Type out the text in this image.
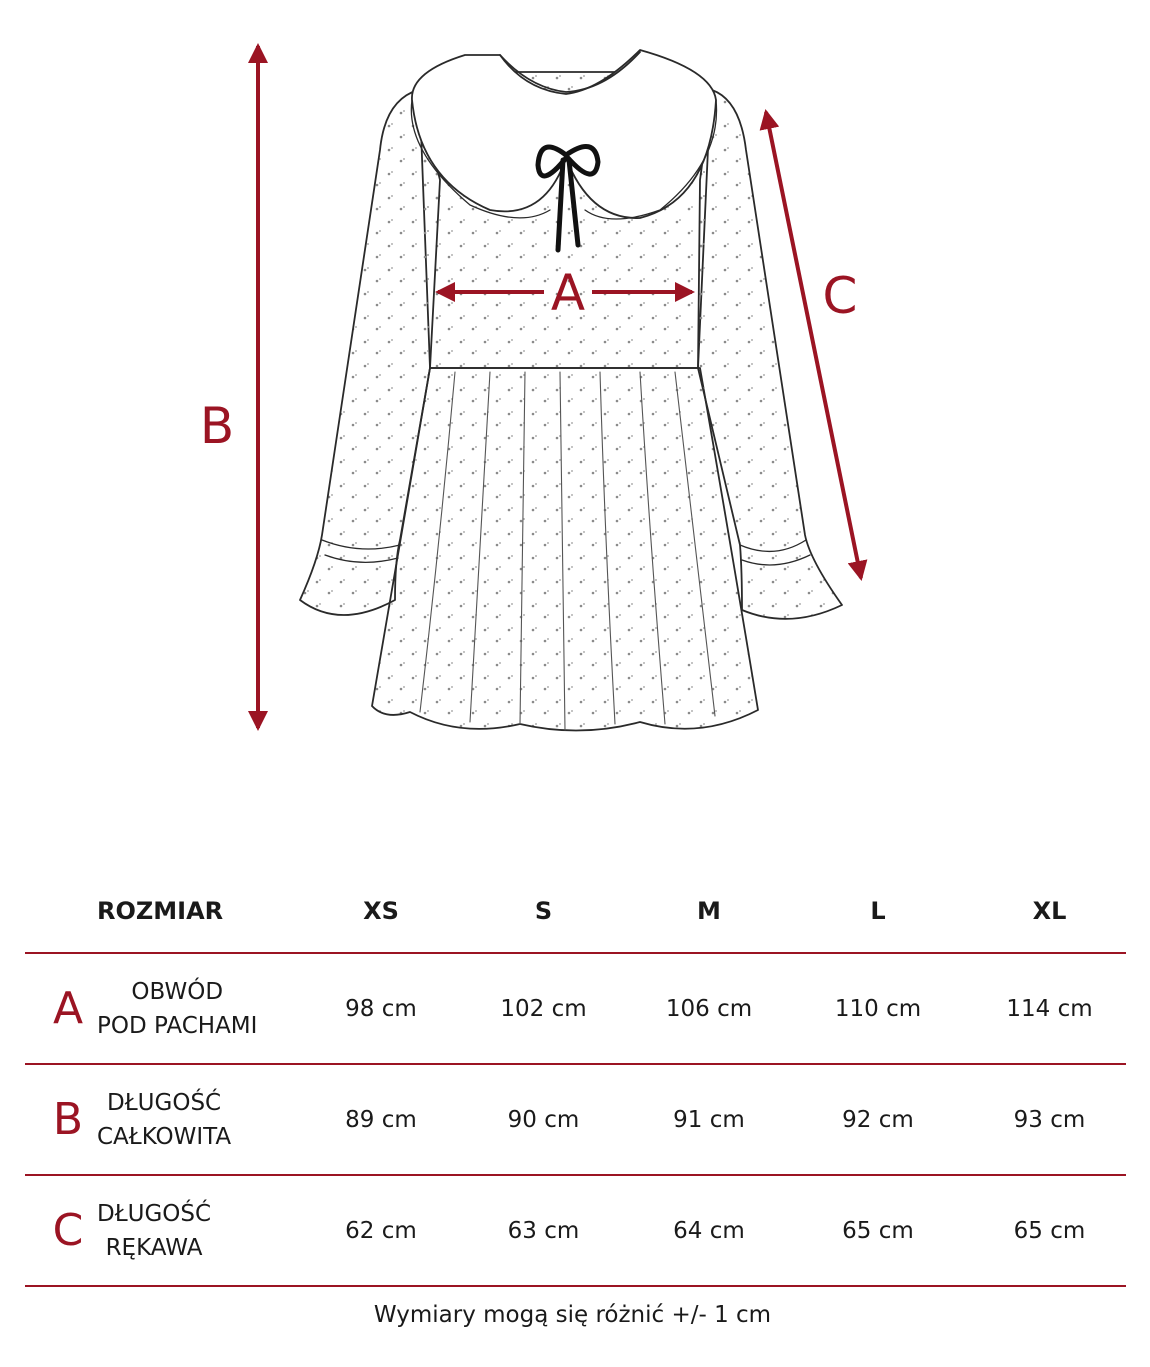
A
B
C
ROZMIAR	XS	S	M	L	XL

A OBWÓD
POD PACHAMI	98 cm	102 cm	106 cm	110 cm	114 cm

B DŁUGOŚĆ
CAŁKOWITA	89 cm	90 cm	91 cm	92 cm	93 cm

C DŁUGOŚĆ
RĘKAWA	62 cm	63 cm	64 cm	65 cm	65 cm
Wymiary mogą się różnić +/- 1 cm
